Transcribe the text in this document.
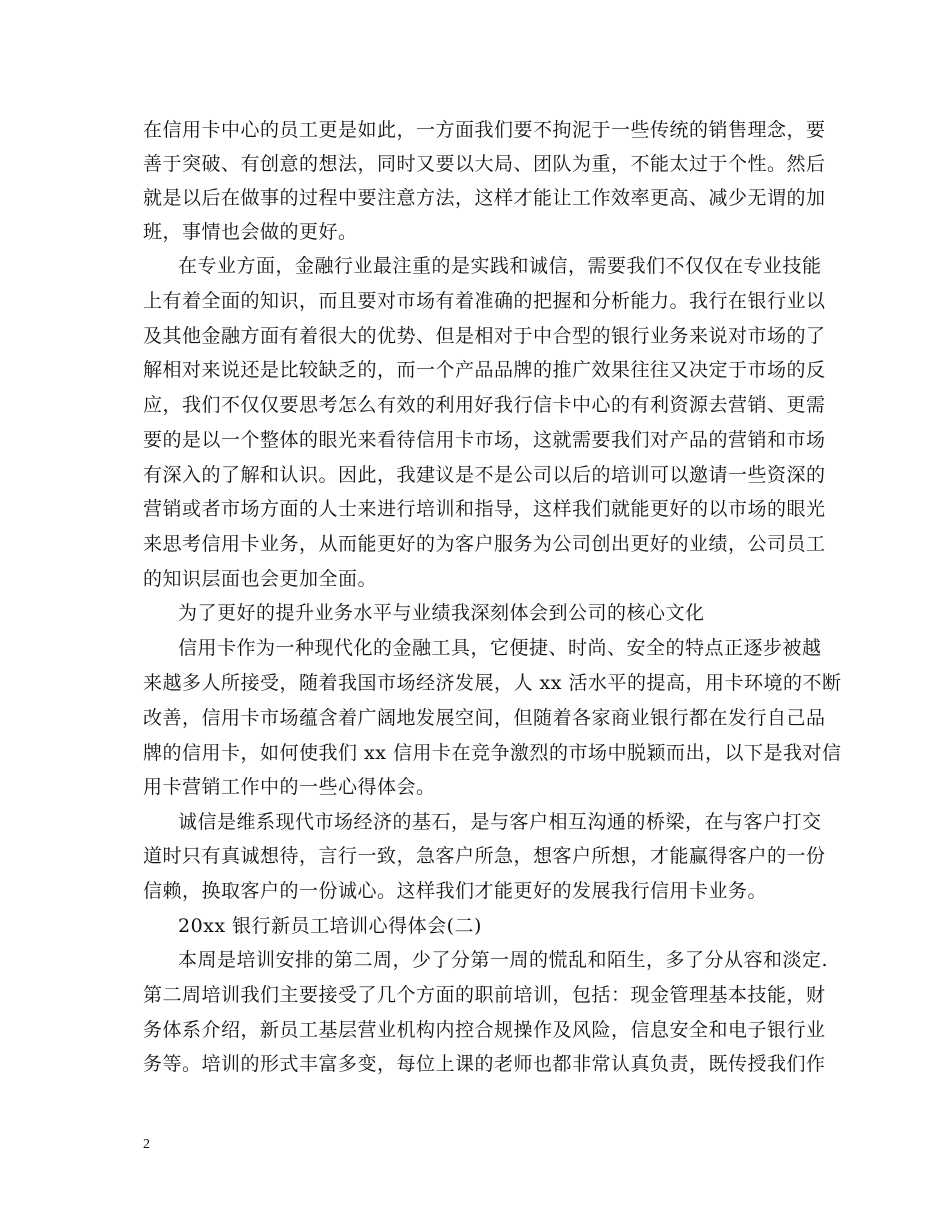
在信用卡中心的员工更是如此，一方面我们要不拘泥于一些传统的销售理念，要
善于突破、有创意的想法，同时又要以大局、团队为重，不能太过于个性。然后
就是以后在做事的过程中要注意方法，这样才能让工作效率更高、减少无谓的加
班，事情也会做的更好。
在专业方面，金融行业最注重的是实践和诚信，需要我们不仅仅在专业技能
上有着全面的知识，而且要对市场有着准确的把握和分析能力。我行在银行业以
及其他金融方面有着很大的优势、但是相对于中合型的银行业务来说对市场的了
解相对来说还是比较缺乏的，而一个产品品牌的推广效果往往又决定于市场的反
应，我们不仅仅要思考怎么有效的利用好我行信卡中心的有利资源去营销、更需
要的是以一个整体的眼光来看待信用卡市场，这就需要我们对产品的营销和市场
有深入的了解和认识。因此，我建议是不是公司以后的培训可以邀请一些资深的
营销或者市场方面的人士来进行培训和指导，这样我们就能更好的以市场的眼光
来思考信用卡业务，从而能更好的为客户服务为公司创出更好的业绩，公司员工
的知识层面也会更加全面。
为了更好的提升业务水平与业绩我深刻体会到公司的核心文化
信用卡作为一种现代化的金融工具，它便捷、时尚、安全的特点正逐步被越
来越多人所接受，随着我国市场经济发展，人 xx 活水平的提高，用卡环境的不断
改善，信用卡市场蕴含着广阔地发展空间，但随着各家商业银行都在发行自己品
牌的信用卡，如何使我们 xx 信用卡在竞争激烈的市场中脱颖而出，以下是我对信
用卡营销工作中的一些心得体会。
诚信是维系现代市场经济的基石，是与客户相互沟通的桥梁，在与客户打交
道时只有真诚想待，言行一致，急客户所急，想客户所想，才能赢得客户的一份
信赖，换取客户的一份诚心。这样我们才能更好的发展我行信用卡业务。
20xx 银行新员工培训心得体会(二)
本周是培训安排的第二周，少了分第一周的慌乱和陌生，多了分从容和淡定.
第二周培训我们主要接受了几个方面的职前培训，包括：现金管理基本技能，财
务体系介绍，新员工基层营业机构内控合规操作及风险，信息安全和电子银行业
务等。培训的形式丰富多变，每位上课的老师也都非常认真负责，既传授我们作
2
